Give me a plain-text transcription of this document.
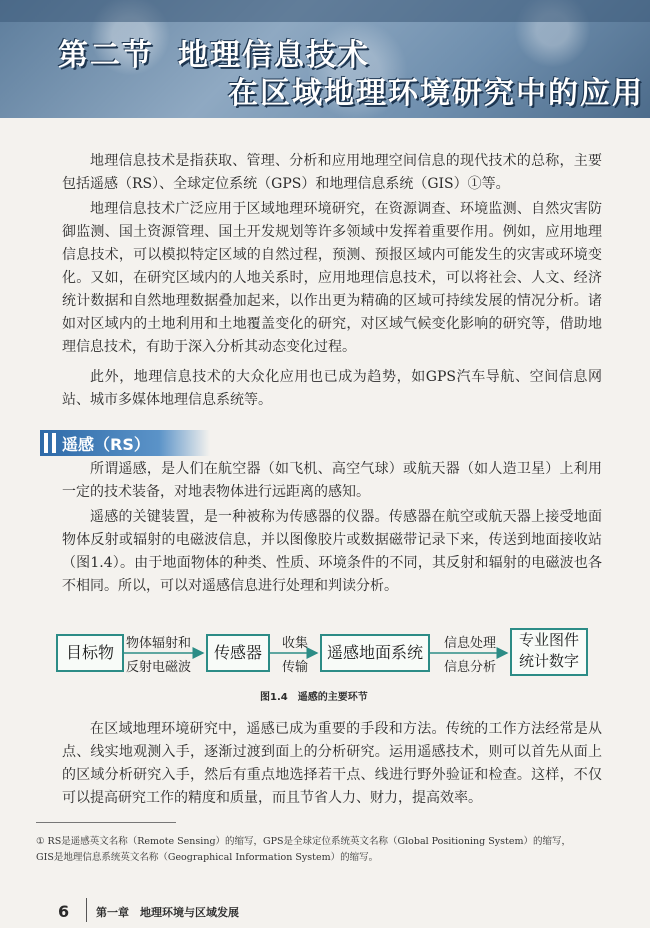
第二节 地理信息技术
在区域地理环境研究中的应用

地理信息技术是指获取、管理、分析和应用地理空间信息的现代技术的总称，主要包括遥感（RS）、全球定位系统（GPS）和地理信息系统（GIS）①等。

地理信息技术广泛应用于区域地理环境研究，在资源调查、环境监测、自然灾害防御监测、国土资源管理、国土开发规划等许多领域中发挥着重要作用。例如，应用地理信息技术，可以模拟特定区域的自然过程，预测、预报区域内可能发生的灾害或环境变化。又如，在研究区域内的人地关系时，应用地理信息技术，可以将社会、人文、经济统计数据和自然地理数据叠加起来，以作出更为精确的区域可持续发展的情况分析。诸如对区域内的土地利用和土地覆盖变化的研究，对区域气候变化影响的研究等，借助地理信息技术，有助于深入分析其动态变化过程。

此外，地理信息技术的大众化应用也已成为趋势，如GPS汽车导航、空间信息网站、城市多媒体地理信息系统等。

遥感（RS）

所谓遥感，是人们在航空器（如飞机、高空气球）或航天器（如人造卫星）上利用一定的技术装备，对地表物体进行远距离的感知。

遥感的关键装置，是一种被称为传感器的仪器。传感器在航空或航天器上接受地面物体反射或辐射的电磁波信息，并以图像胶片或数据磁带记录下来，传送到地面接收站（图1.4）。由于地面物体的种类、性质、环境条件的不同，其反射和辐射的电磁波也各不相同。所以，可以对遥感信息进行处理和判读分析。

目标物	传感器	遥感地面系统
专业图件
统计数字
物体辐射和
反射电磁波
收集
传输
信息处理
信息分析
图1.4　遥感的主要环节

在区域地理环境研究中，遥感已成为重要的手段和方法。传统的工作方法经常是从点、线实地观测入手，逐渐过渡到面上的分析研究。运用遥感技术，则可以首先从面上的区域分析研究入手，然后有重点地选择若干点、线进行野外验证和检查。这样，不仅可以提高研究工作的精度和质量，而且节省人力、财力，提高效率。

① RS是遥感英文名称（Remote Sensing）的缩写，GPS是全球定位系统英文名称（Global Positioning System）的缩写，

GIS是地理信息系统英文名称（Geographical Information System）的缩写。

6 第一章　地理环境与区域发展
